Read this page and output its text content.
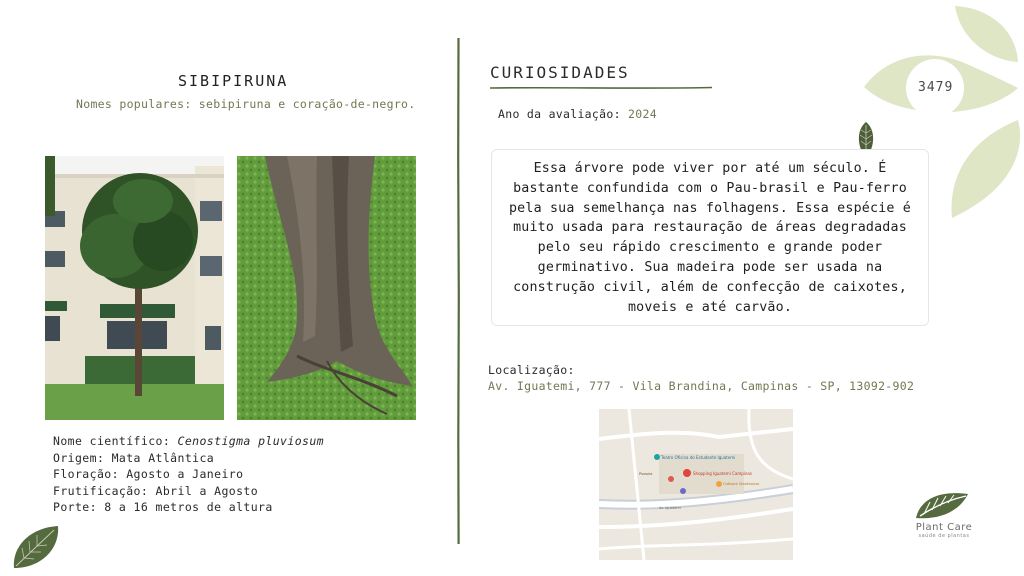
3479
SIBIPIRUNA
Nomes populares: sebipiruna e coração-de-negro.
Nome científico: Cenostigma pluviosum
Origem: Mata Atlântica
Floração: Agosto a Janeiro
Frutificação: Abril a Agosto
Porte: 8 a 16 metros de altura
CURIOSIDADES
Ano da avaliação: 2024
Essa árvore pode viver por até um século. É bastante confundida com o Pau-brasil e Pau-ferro pela sua semelhança nas folhagens. Essa espécie é muito usada para restauração de áreas degradadas pelo seu rápido crescimento e grande poder germinativo. Sua madeira pode ser usada na construção civil, além de confecção de caixotes, moveis e até carvão.
Localização:
Av. Iguatemi, 777 - Vila Brandina, Campinas - SP, 13092-902
Teatro Oficina do Estudante Iguatemi
Shopping Iguatemi Campinas
Outback Steakhouse
Pizzaria
Av. Iguatemi
Plant Care
saúde de plantas
